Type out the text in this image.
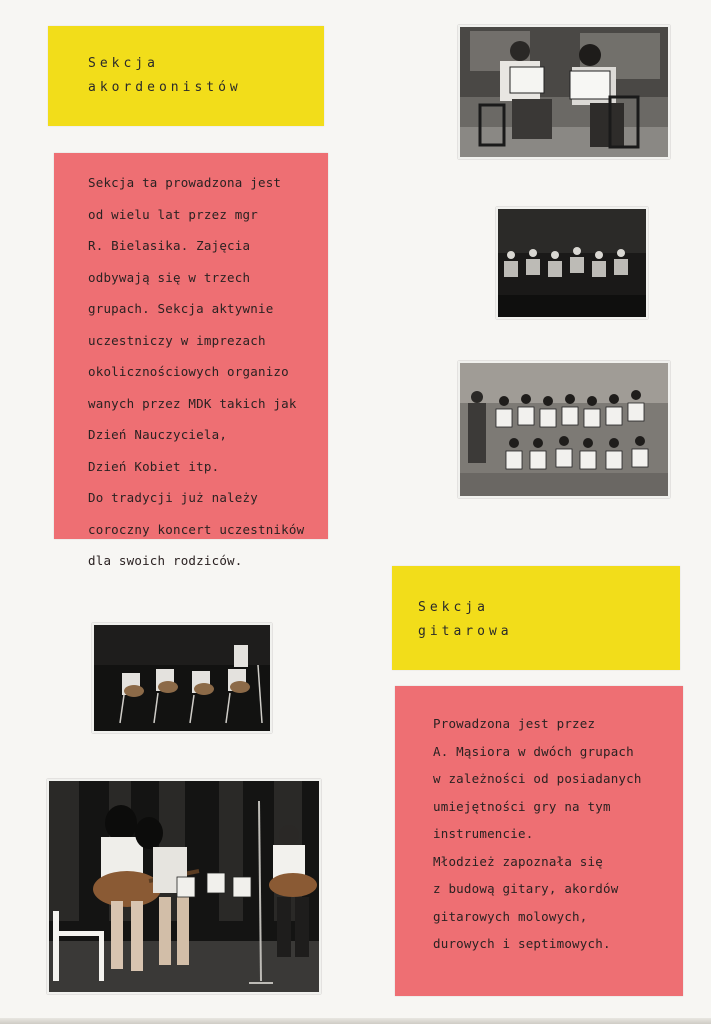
Sekcja
akordeonistów
Sekcja ta prowadzona jest
od wielu lat przez mgr
R. Bielasika. Zajęcia
odbywają się w trzech
grupach. Sekcja aktywnie
uczestniczy w imprezach
okolicznościowych organizo
wanych przez MDK takich jak
Dzień Nauczyciela,
Dzień Kobiet itp.
Do tradycji już należy
coroczny koncert uczestników
dla swoich rodziców.
Sekcja
gitarowa
Prowadzona jest przez
A. Mąsiora w dwóch grupach
w zależności od posiadanych
umiejętności gry na tym
instrumencie.
Młodzież zapoznała się
z budową gitary, akordów
gitarowych molowych,
durowych i septimowych.
